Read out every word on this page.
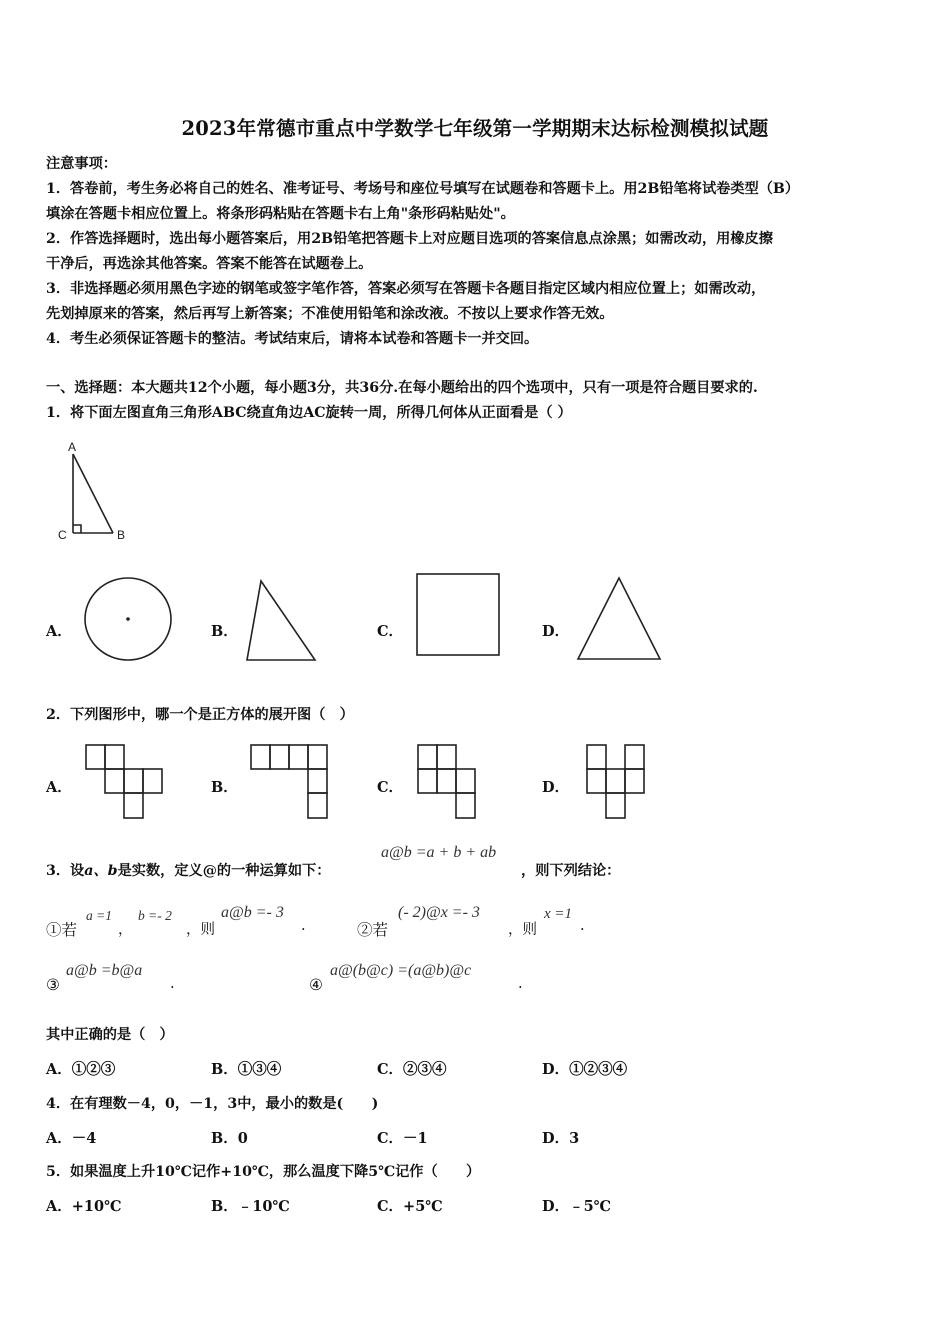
2023年常德市重点中学数学七年级第一学期期末达标检测模拟试题
注意事项：
1．答卷前，考生务必将自己的姓名、准考证号、考场号和座位号填写在试题卷和答题卡上。用2B铅笔将试卷类型（B）
填涂在答题卡相应位置上。将条形码粘贴在答题卡右上角"条形码粘贴处"。
2．作答选择题时，选出每小题答案后，用2B铅笔把答题卡上对应题目选项的答案信息点涂黑；如需改动，用橡皮擦
干净后，再选涂其他答案。答案不能答在试题卷上。
3．非选择题必须用黑色字迹的钢笔或签字笔作答，答案必须写在答题卡各题目指定区域内相应位置上；如需改动，
先划掉原来的答案，然后再写上新答案；不准使用铅笔和涂改液。不按以上要求作答无效。
4．考生必须保证答题卡的整洁。考试结束后，请将本试卷和答题卡一并交回。
一、选择题：本大题共12个小题，每小题3分，共36分.在每小题给出的四个选项中，只有一项是符合题目要求的.
1．将下面左图直角三角形ABC绕直角边AC旋转一周，所得几何体从正面看是（ ）
A
C	B
A．	B．	C．	D．
2．下列图形中，哪一个是正方体的展开图（　）
A．	B．	C．	D．
3．设a、b是实数，定义@的一种运算如下：
a@b =a + b + ab
，则下列结论：
①若
a =1
，
b =- 2
，则
a@b =- 3
.	②若
(- 2)@x =- 3
，则
x =1
.
③
a@b =b@a
.	④
a@(b@c) =(a@b)@c
.
其中正确的是（　）
A．①②③	B．①③④	C．②③④	D．①②③④
4．在有理数－4，0，－1，3中，最小的数是(　　)
A．－4	B．0	C．－1	D．3
5．如果温度上升10℃记作+10℃，那么温度下降5℃记作（　　）
A．+10℃	B．﹣10℃	C．+5℃	D．﹣5℃
